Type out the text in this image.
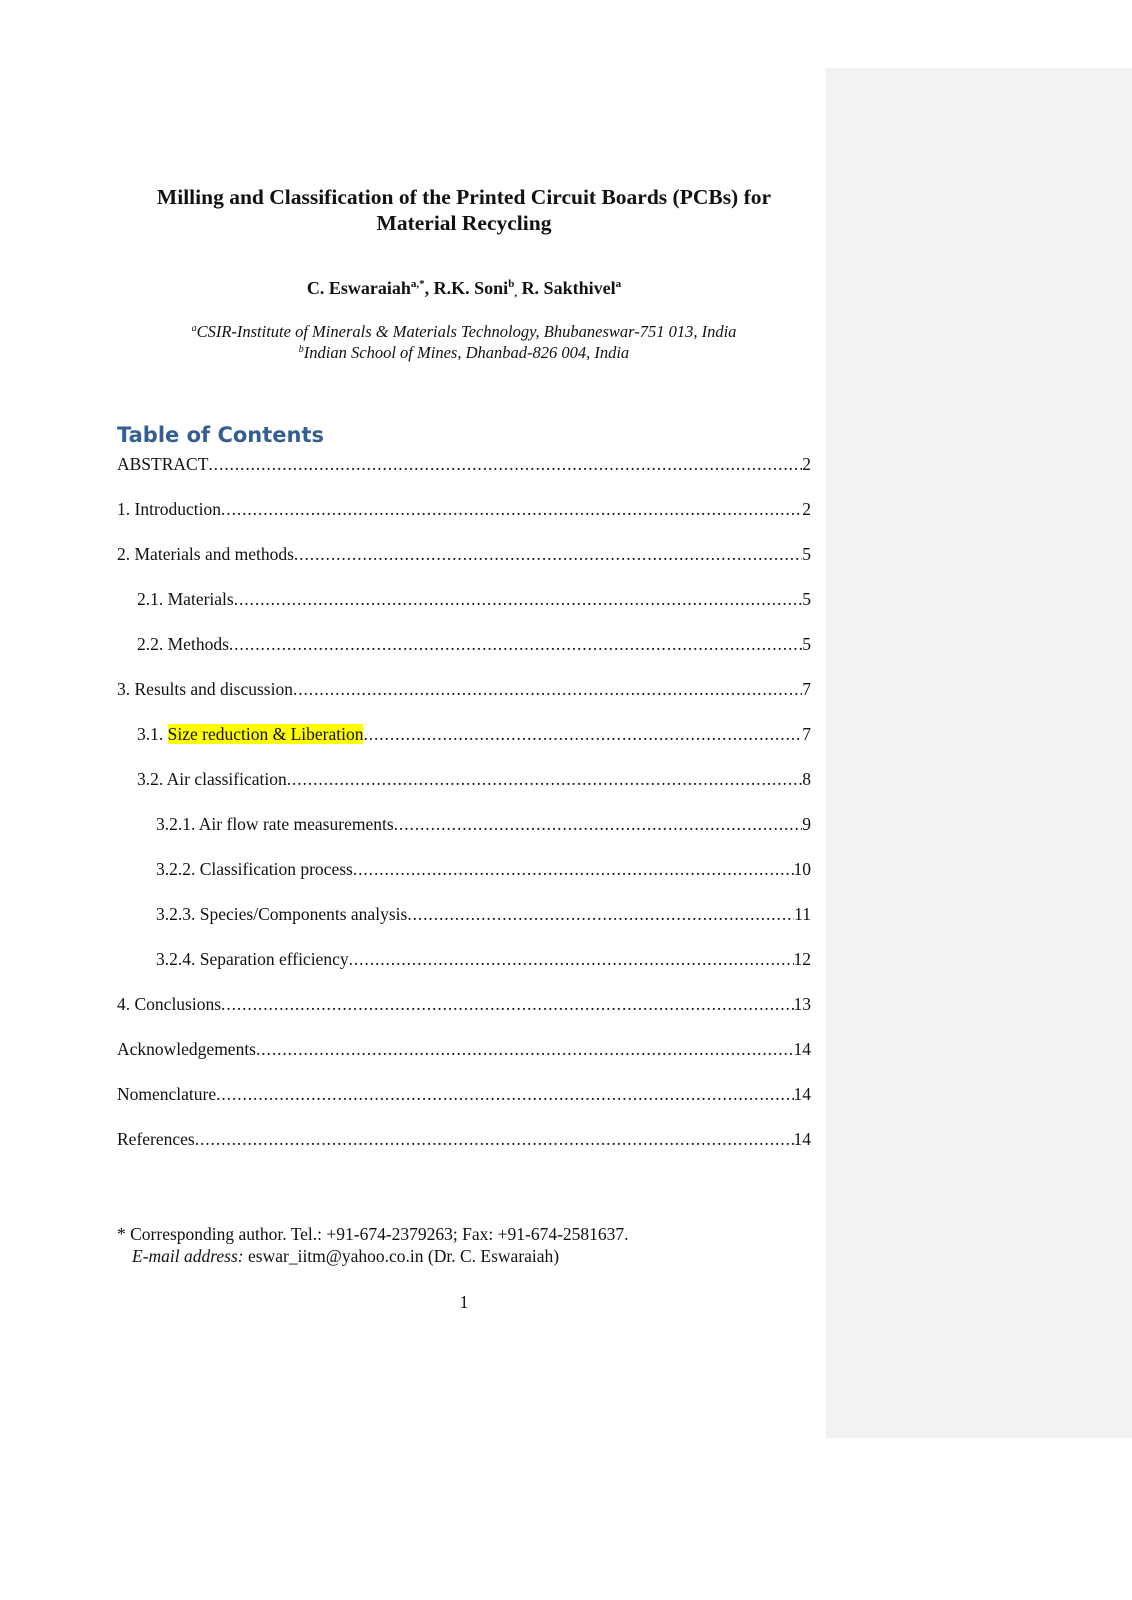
Milling and Classification of the Printed Circuit Boards (PCBs) for
Material Recycling
C. Eswaraiah$^{a,*}$, R.K. Soni$^b_,$ R. Sakthivel$^a$
$^a$CSIR-Institute of Minerals & Materials Technology, Bhubaneswar-751 013, India
$^b$Indian School of Mines, Dhanbad-826 004, India
Table of Contents
ABSTRACT .....	2
1. Introduction .....	2
2. Materials and methods .....	5
2.1. Materials .....	5
2.2. Methods .....	5
3. Results and discussion .....	7
3.1. Size reduction & Liberation .....	7
3.2. Air classification .....	8
3.2.1. Air flow rate measurements .....	9
3.2.2. Classification process .....	10
3.2.3. Species/Components analysis .....	11
3.2.4. Separation efficiency .....	12
4. Conclusions .....	13
Acknowledgements .....	14
Nomenclature .....	14
References .....	14
* Corresponding author. Tel.: +91-674-2379263; Fax: +91-674-2581637.
E-mail address: eswar_iitm@yahoo.co.in (Dr. C. Eswaraiah)
1
